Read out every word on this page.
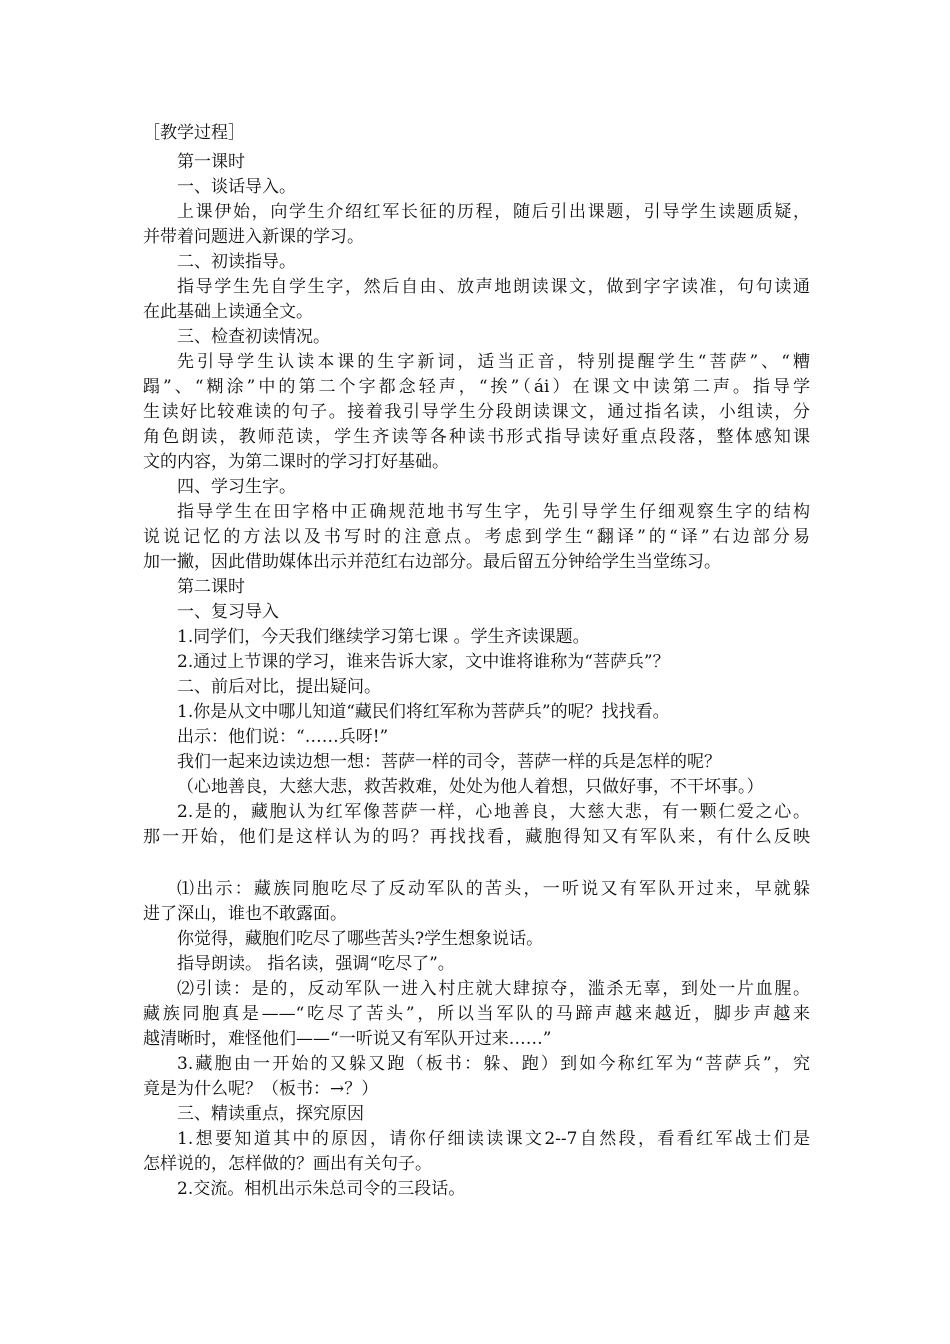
［教学过程］
第一课时
一、谈话导入。
上课伊始，向学生介绍红军长征的历程，随后引出课题，引导学生读题质疑，
并带着问题进入新课的学习。
二、初读指导。
指导学生先自学生字，然后自由、放声地朗读课文，做到字字读准，句句读通
在此基础上读通全文。
三、检查初读情况。
先引导学生认读本课的生字新词，适当正音，特别提醒学生“菩萨”、“糟
蹋”、“糊涂”中的第二个字都念轻声，“挨”（ái）在课文中读第二声。指导学
生读好比较难读的句子。接着我引导学生分段朗读课文，通过指名读，小组读，分
角色朗读，教师范读，学生齐读等各种读书形式指导读好重点段落，整体感知课
文的内容，为第二课时的学习打好基础。
四、学习生字。
指导学生在田字格中正确规范地书写生字，先引导学生仔细观察生字的结构
说说记忆的方法以及书写时的注意点。考虑到学生“翻译”的“译”右边部分易
加一撇，因此借助媒体出示并范红右边部分。最后留五分钟给学生当堂练习。
第二课时
一、复习导入
1.同学们，今天我们继续学习第七课 。学生齐读课题。
2.通过上节课的学习，谁来告诉大家，文中谁将谁称为“菩萨兵”？
二、前后对比，提出疑问。
1.你是从文中哪儿知道“藏民们将红军称为菩萨兵”的呢？找找看。
出示：他们说：“……兵呀!”
我们一起来边读边想一想：菩萨一样的司令，菩萨一样的兵是怎样的呢？
（心地善良，大慈大悲，救苦救难，处处为他人着想，只做好事，不干坏事。）
2.是的，藏胞认为红军像菩萨一样，心地善良，大慈大悲，有一颗仁爱之心。
那一开始，他们是这样认为的吗？再找找看，藏胞得知又有军队来，有什么反映
⑴出示：藏族同胞吃尽了反动军队的苦头，一听说又有军队开过来，早就躲
进了深山，谁也不敢露面。
你觉得，藏胞们吃尽了哪些苦头?学生想象说话。
指导朗读。 指名读，强调“吃尽了”。
⑵引读：是的，反动军队一进入村庄就大肆掠夺，滥杀无辜，到处一片血腥。
藏族同胞真是——“吃尽了苦头”，所以当军队的马蹄声越来越近，脚步声越来
越清晰时，难怪他们——“一听说又有军队开过来……”
3.藏胞由一开始的又躲又跑（板书：躲、跑）到如今称红军为“菩萨兵”，究
竟是为什么呢？（板书：→？）
三、精读重点，探究原因
1.想要知道其中的原因，请你仔细读读课文2--7自然段，看看红军战士们是
怎样说的，怎样做的？画出有关句子。
2.交流。相机出示朱总司令的三段话。
